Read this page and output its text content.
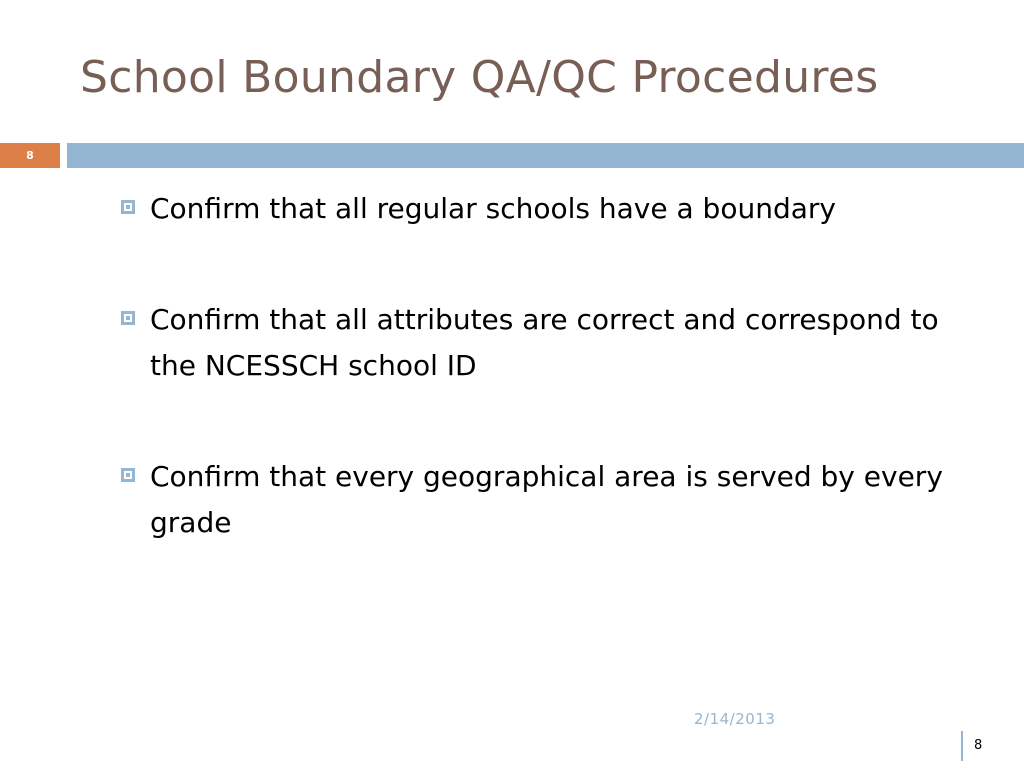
School Boundary QA/QC Procedures
8
Confirm that all regular schools have a boundary
Confirm that all attributes are correct and correspond to the NCESSCH school ID
Confirm that every geographical area is served by every grade
2/14/2013
8
